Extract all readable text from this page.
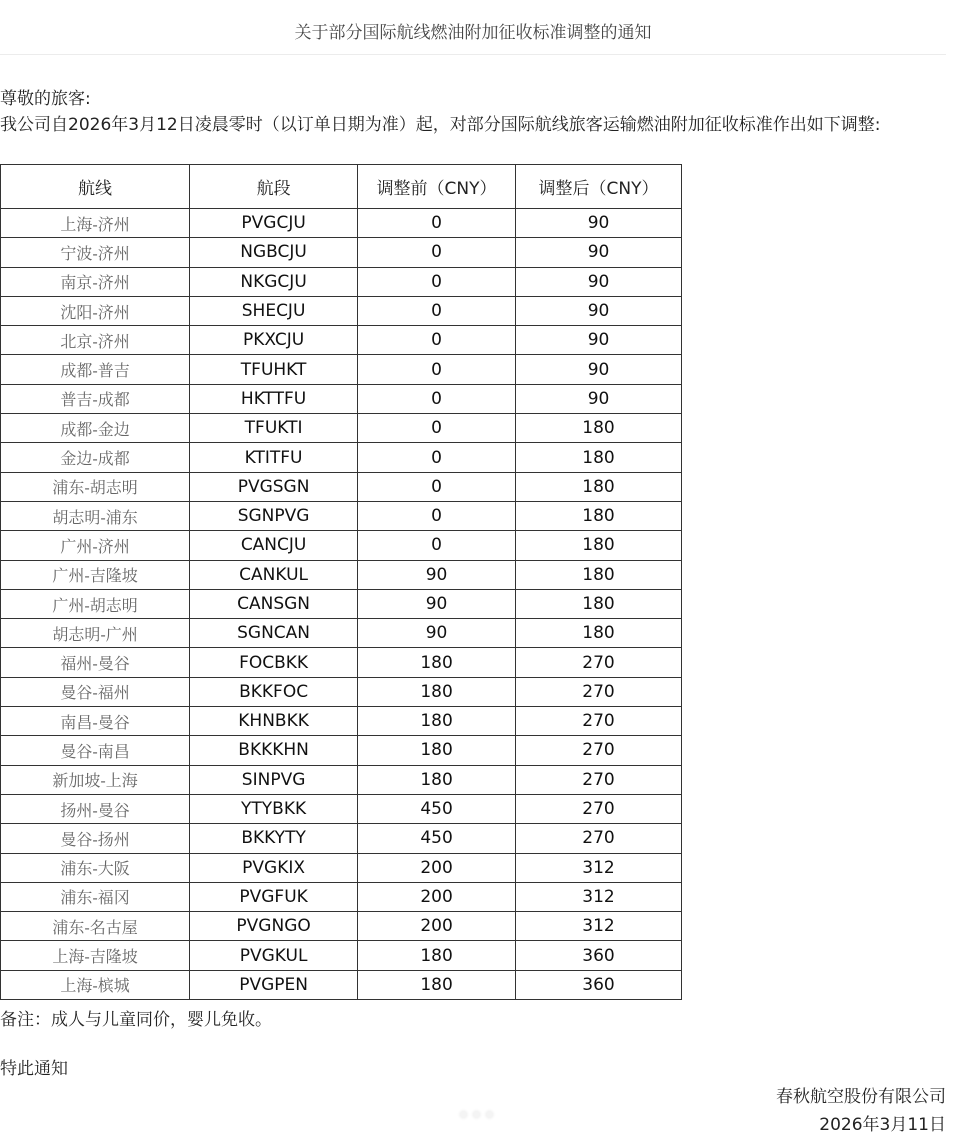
关于部分国际航线燃油附加征收标准调整的通知
尊敬的旅客:
我公司自2026年3月12日凌晨零时（以订单日期为准）起，对部分国际航线旅客运输燃油附加征收标准作出如下调整:
航线	航段	调整前（CNY）	调整后（CNY）
上海-济州	PVGCJU	0	90
宁波-济州	NGBCJU	0	90
南京-济州	NKGCJU	0	90
沈阳-济州	SHECJU	0	90
北京-济州	PKXCJU	0	90
成都-普吉	TFUHKT	0	90
普吉-成都	HKTTFU	0	90
成都-金边	TFUKTI	0	180
金边-成都	KTITFU	0	180
浦东-胡志明	PVGSGN	0	180
胡志明-浦东	SGNPVG	0	180
广州-济州	CANCJU	0	180
广州-吉隆坡	CANKUL	90	180
广州-胡志明	CANSGN	90	180
胡志明-广州	SGNCAN	90	180
福州-曼谷	FOCBKK	180	270
曼谷-福州	BKKFOC	180	270
南昌-曼谷	KHNBKK	180	270
曼谷-南昌	BKKKHN	180	270
新加坡-上海	SINPVG	180	270
扬州-曼谷	YTYBKK	450	270
曼谷-扬州	BKKYTY	450	270
浦东-大阪	PVGKIX	200	312
浦东-福冈	PVGFUK	200	312
浦东-名古屋	PVGNGO	200	312
上海-吉隆坡	PVGKUL	180	360
上海-槟城	PVGPEN	180	360
备注：成人与儿童同价，婴儿免收。
特此通知
春秋航空股份有限公司
2026年3月11日
